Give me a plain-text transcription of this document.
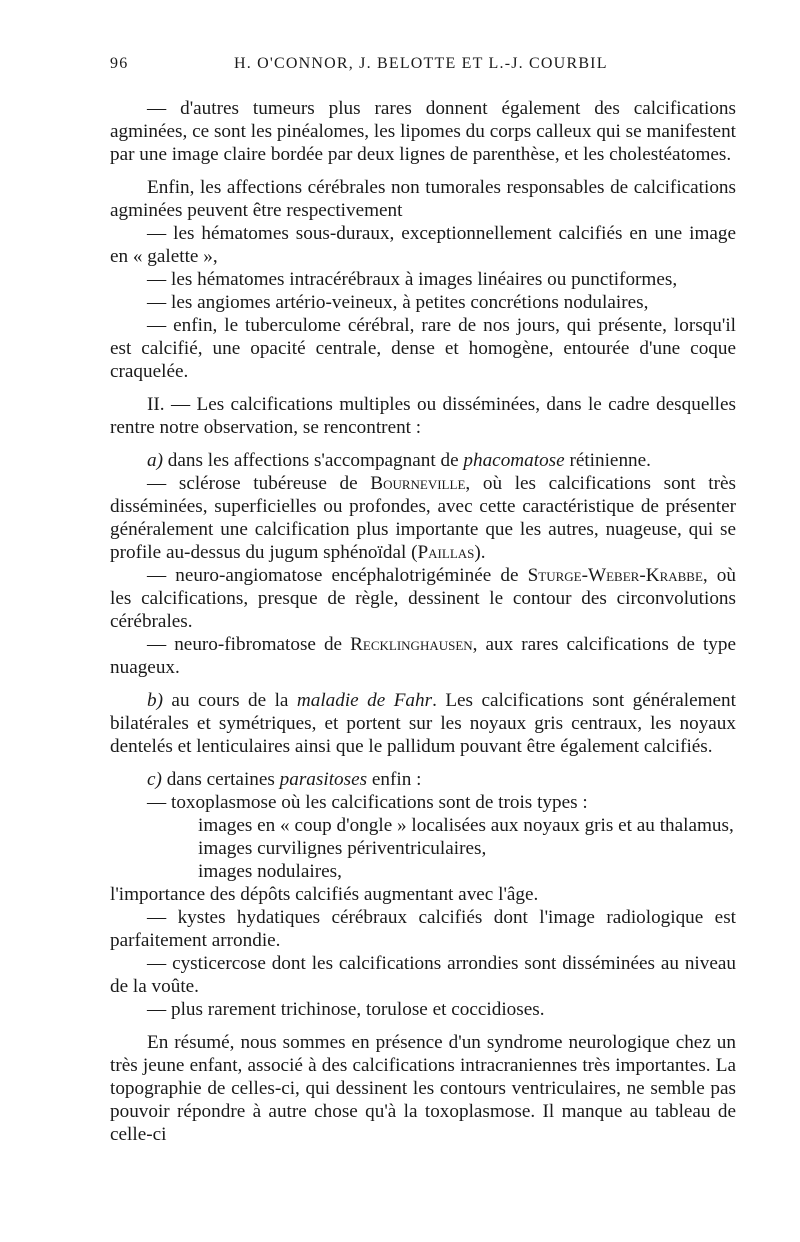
96	H. O'CONNOR, J. BELOTTE ET L.-J. COURBIL

— d'autres tumeurs plus rares donnent également des calcifications agminées, ce sont les pinéalomes, les lipomes du corps calleux qui se manifestent par une image claire bordée par deux lignes de parenthèse, et les cholestéatomes.

Enfin, les affections cérébrales non tumorales responsables de calcifications agminées peuvent être respectivement

— les hématomes sous-duraux, exceptionnellement calcifiés en une image en « galette »,

— les hématomes intracérébraux à images linéaires ou punctiformes,

— les angiomes artério-veineux, à petites concrétions nodulaires,

— enfin, le tuberculome cérébral, rare de nos jours, qui présente, lorsqu'il est calcifié, une opacité centrale, dense et homogène, entourée d'une coque craquelée.

II. — Les calcifications multiples ou disséminées, dans le cadre desquelles rentre notre observation, se rencontrent :

a) dans les affections s'accompagnant de phacomatose rétinienne.

— sclérose tubéreuse de Bourneville, où les calcifications sont très disséminées, superficielles ou profondes, avec cette caractéristique de présenter généralement une calcification plus importante que les autres, nuageuse, qui se profile au-dessus du jugum sphénoïdal (Paillas).

— neuro-angiomatose encéphalotrigéminée de Sturge-Weber-Krabbe, où les calcifications, presque de règle, dessinent le contour des circonvolutions cérébrales.

— neuro-fibromatose de Recklinghausen, aux rares calcifications de type nuageux.

b) au cours de la maladie de Fahr. Les calcifications sont généralement bilatérales et symétriques, et portent sur les noyaux gris centraux, les noyaux dentelés et lenticulaires ainsi que le pallidum pouvant être également calcifiés.

c) dans certaines parasitoses enfin :

— toxoplasmose où les calcifications sont de trois types :

images en « coup d'ongle » localisées aux noyaux gris et au thalamus,

images curvilignes périventriculaires,

images nodulaires,

l'importance des dépôts calcifiés augmentant avec l'âge.

— kystes hydatiques cérébraux calcifiés dont l'image radiologique est parfaitement arrondie.

— cysticercose dont les calcifications arrondies sont disséminées au niveau de la voûte.

— plus rarement trichinose, torulose et coccidioses.

En résumé, nous sommes en présence d'un syndrome neurologique chez un très jeune enfant, associé à des calcifications intracraniennes très importantes. La topographie de celles-ci, qui dessinent les contours ventriculaires, ne semble pas pouvoir répondre à autre chose qu'à la toxoplasmose. Il manque au tableau de celle-ci
